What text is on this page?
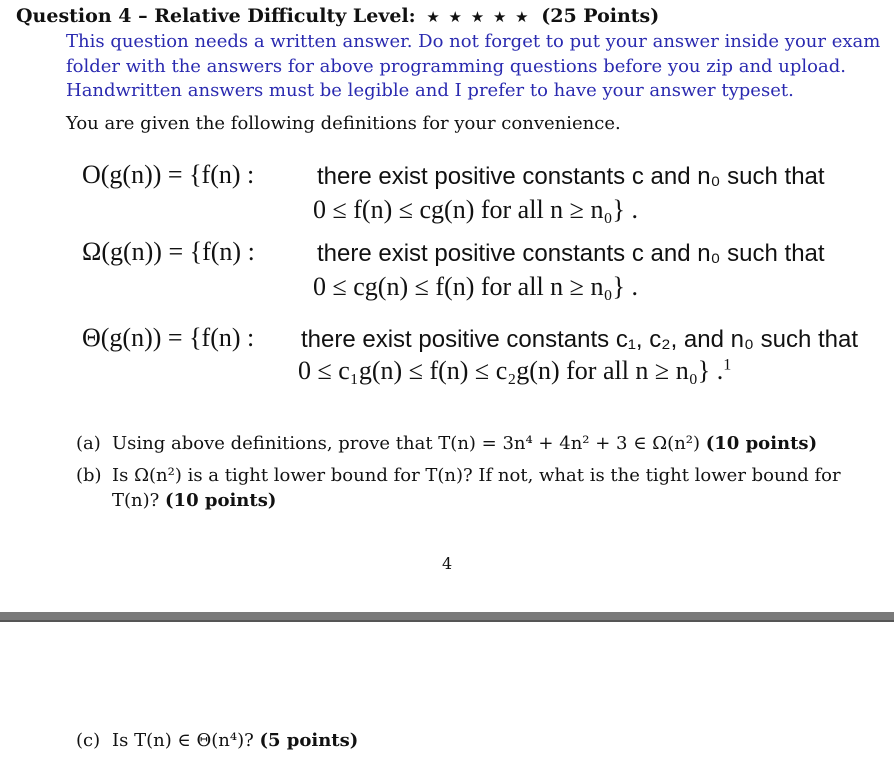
Question 4 – Relative Difficulty Level: ★ ★ ★ ★ ★ (25 Points)
This question needs a written answer. Do not forget to put your answer inside your exam
folder with the answers for above programming questions before you zip and upload.
Handwritten answers must be legible and I prefer to have your answer typeset.
You are given the following definitions for your convenience.
O(g(n)) = {f(n) :	there exist positive constants c and n₀ such that
0 ≤ f(n) ≤ cg(n) for all n ≥ n₀} .
Ω(g(n)) = {f(n) :	there exist positive constants c and n₀ such that
0 ≤ cg(n) ≤ f(n) for all n ≥ n₀} .
Θ(g(n)) = {f(n) : there exist positive constants c₁, c₂, and n₀ such that
0 ≤ c₁g(n) ≤ f(n) ≤ c₂g(n) for all n ≥ n₀} .$^1$
(a) Using above definitions, prove that T(n) = 3n⁴ + 4n² + 3 ∈ Ω(n²) (10 points)
(b) Is Ω(n²) is a tight lower bound for T(n)? If not, what is the tight lower bound for
T(n)? (10 points)
4
(c) Is T(n) ∈ Θ(n⁴)? (5 points)
